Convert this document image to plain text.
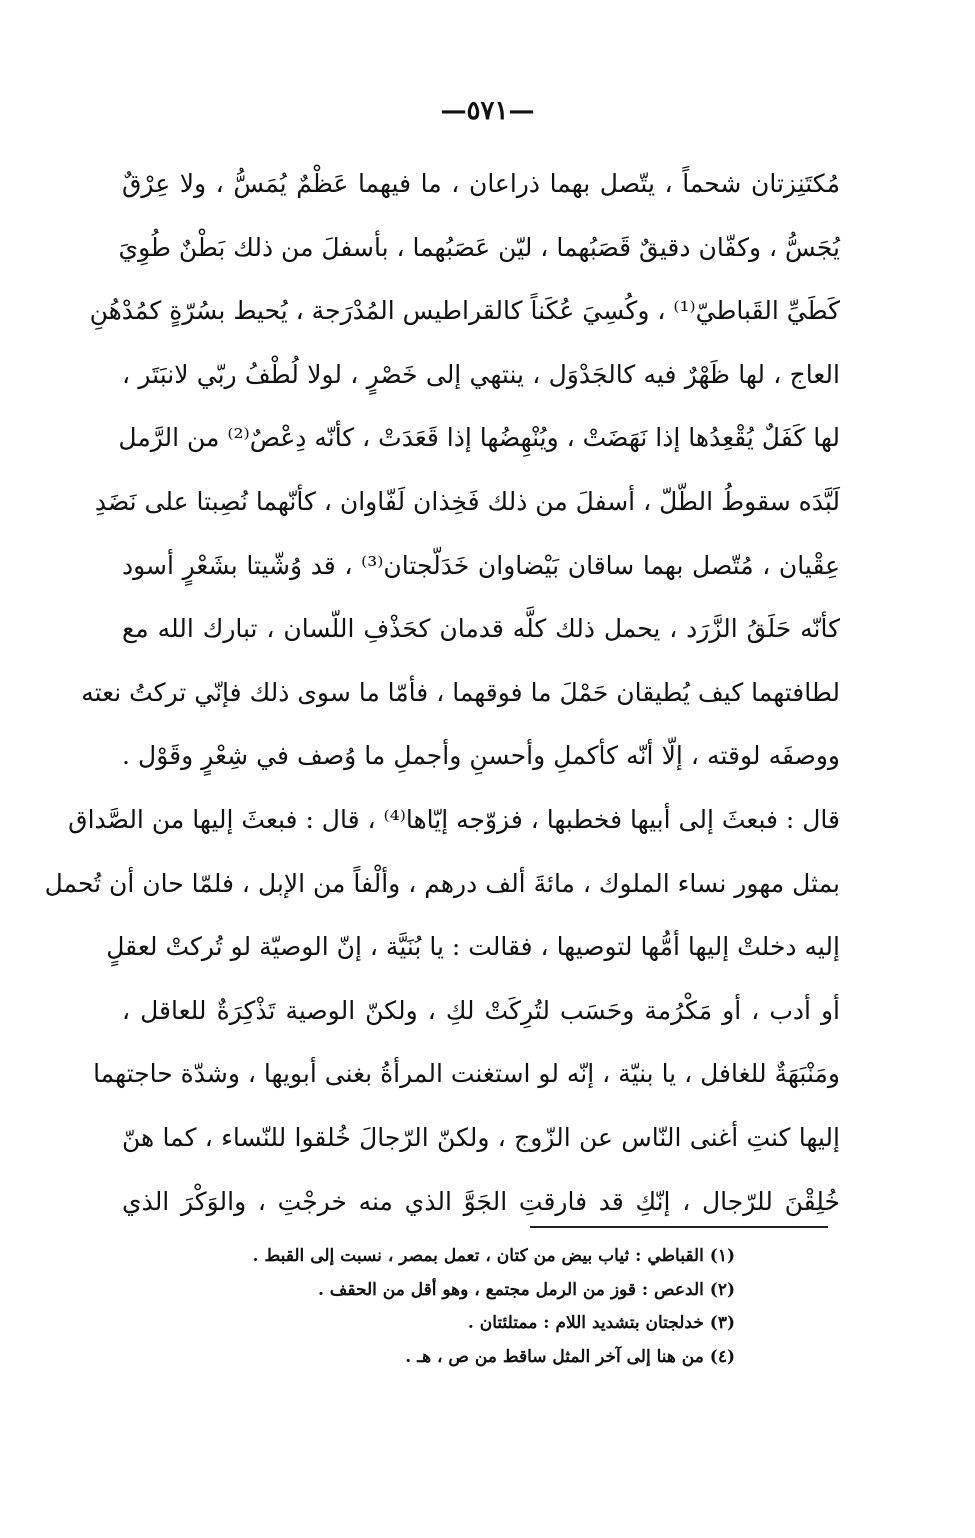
—٥٧١—
مُكتَنِزتان شحماً ، يتّصل بهما ذراعان ، ما فيهما عَظْمٌ يُمَسُّ ، ولا عِرْقٌ
يُجَسُّ ، وكفّان دقيقٌ قَصَبُهما ، ليّن عَصَبُهما ، بأسفلَ من ذلك بَطْنٌ طُوِيَ
كَطَيِّ القَباطيّ⁽¹⁾ ، وكُسِيَ عُكَناً كالقراطيس المُدْرَجة ، يُحيط بسُرّةٍ كمُدْهُنِ
العاج ، لها ظَهْرٌ فيه كالجَدْوَل ، ينتهي إلى خَصْرٍ ، لولا لُطْفُ ربّي لانبَتَر ،
لها كَفَلٌ يُقْعِدُها إذا نَهَضَتْ ، ويُنْهِضُها إذا قَعَدَتْ ، كأنّه دِعْصٌ⁽²⁾ من الرَّمل
لَبَّدَه سقوطُ الطّلّ ، أسفلَ من ذلك فَخِذان لَفّاوان ، كأنّهما نُصِبتا على نَضَدِ
عِقْيان ، مُتّصل بهما ساقان بَيْضاوان خَدَلّجتان⁽³⁾ ، قد وُشّيتا بشَعْرٍ أسود
كأنّه حَلَقُ الزَّرَد ، يحمل ذلك كلَّه قدمان كحَذْفِ اللّسان ، تبارك الله مع
لطافتهما كيف يُطيقان حَمْلَ ما فوقهما ، فأمّا ما سوى ذلك فإنّي تركتُ نعته
ووصفَه لوقته ، إلّا أنّه كأكملِ وأحسنِ وأجملِ ما وُصف في شِعْرٍ وقَوْل .
قال : فبعثَ إلى أبيها فخطبها ، فزوّجه إيّاها⁽⁴⁾ ، قال : فبعثَ إليها من الصَّداق
بمثل مهور نساء الملوك ، مائةَ ألف درهم ، وألْفاً من الإبل ، فلمّا حان أن تُحمل
إليه دخلتْ إليها أمُّها لتوصيها ، فقالت : يا بُنَيَّة ، إنّ الوصيّة لو تُركتْ لعقلٍ
أو أدب ، أو مَكْرُمة وحَسَب لتُرِكَتْ لكِ ، ولكنّ الوصية تَذْكِرَةٌ للعاقل ،
ومَنْبَهَةٌ للغافل ، يا بنيّة ، إنّه لو استغنت المرأةُ بغنى أبويها ، وشدّة حاجتهما
إليها كنتِ أغنى النّاس عن الزّوج ، ولكنّ الرّجالَ خُلقوا للنّساء ، كما هنّ
خُلِقْنَ للرّجال ، إنّكِ قد فارقتِ الجَوَّ الذي منه خرجْتِ ، والوَكْرَ الذي
(١) القباطي : ثياب بيض من كتان ، تعمل بمصر ، نسبت إلى القبط .
(٢) الدعص : قوز من الرمل مجتمع ، وهو أقل من الحقف .
(٣) خدلجتان بتشديد اللام : ممتلئتان .
(٤) من هنا إلى آخر المثل ساقط من ص ، هـ .
